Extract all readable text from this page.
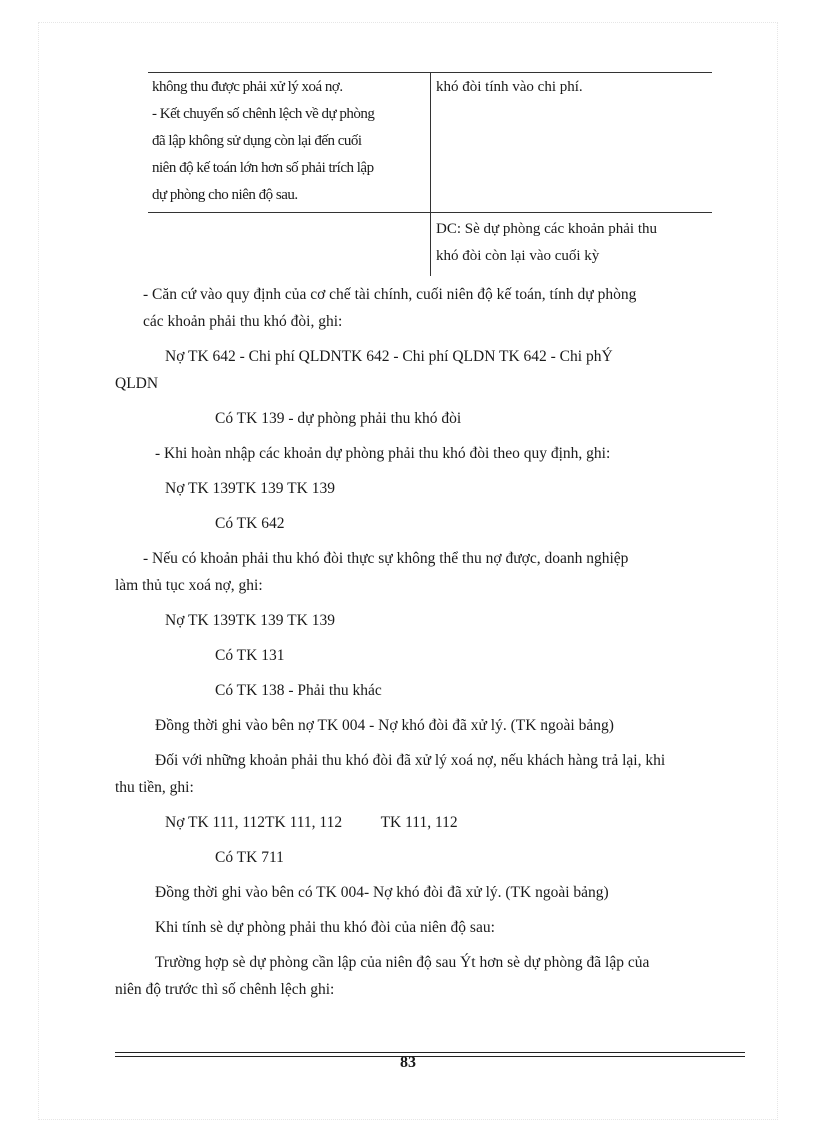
không thu được phải xử lý xoá nợ.
- Kết chuyển số chênh lệch về dự phòng
đã lập không sử dụng còn lại đến cuối
niên độ kế toán lớn hơn số phải trích lập
dự phòng cho niên độ sau.
khó đòi tính vào chi phí.
DC: Sè dự phòng các khoản phải thu
khó đòi còn lại vào cuối kỳ

- Căn cứ vào quy định của cơ chế tài chính, cuối niên độ kế toán, tính dự phòng
các khoản phải thu khó đòi, ghi:

Nợ TK 642 - Chi phí QLDNTK 642 - Chi phí QLDN TK 642 - Chi phÝ
QLDN

Có TK 139 - dự phòng phải thu khó đòi

- Khi hoàn nhập các khoản dự phòng phải thu khó đòi theo quy định, ghi:

Nợ TK 139TK 139 TK 139

Có TK 642

- Nếu có khoản phải thu khó đòi thực sự không thể thu nợ được, doanh nghiệp
làm thủ tục xoá nợ, ghi:

Nợ TK 139TK 139 TK 139

Có TK 131

Có TK 138 - Phải thu khác

Đồng thời ghi vào bên nợ TK 004 - Nợ khó đòi đã xử lý. (TK ngoài bảng)

Đối với những khoản phải thu khó đòi đã xử lý xoá nợ, nếu khách hàng trả lại, khi
thu tiền, ghi:

Nợ TK 111, 112TK 111, 112          TK 111, 112

Có TK 711

Đồng thời ghi vào bên có TK 004- Nợ khó đòi đã xử lý. (TK ngoài bảng)

Khi tính sè dự phòng phải thu khó đòi của niên độ sau:

Trường hợp sè dự phòng cần lập của niên độ sau Ýt hơn sè dự phòng đã lập của
niên độ trước thì số chênh lệch ghi:

83
